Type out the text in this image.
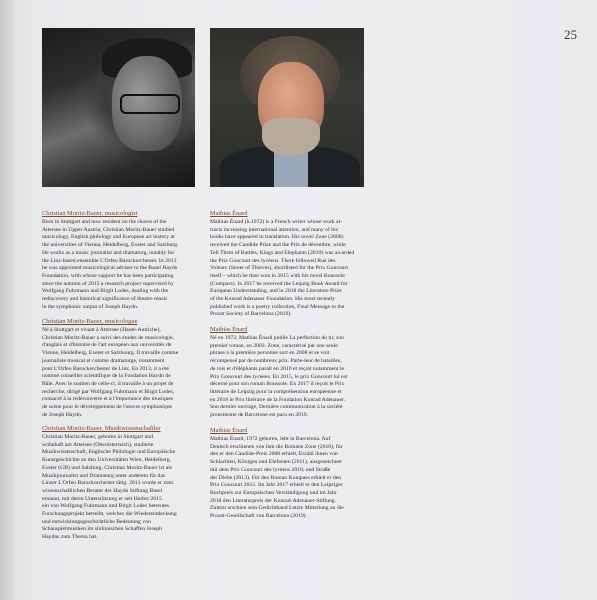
25
Christian Moritz-Bauer, musicologist
Born in Stuttgart and now resident on the shores of the
Attersee in Upper Austria, Christian Moritz-Bauer studied
musicology, English philology and European art history at
the universities of Vienna, Heidelberg, Exeter and Salzburg.
He works as a music journalist and dramaturg, notably for
the Linz-based ensemble L'Orfeo Barockorchester. In 2013
he was appointed musicological adviser to the Basel Haydn
Foundation, with whose support he has been participating
since the autumn of 2015 a research project supervised by
Wolfgang Fuhrmann and Birgit Lodes, dealing with the
rediscovery and historical significance of theatre music
in the symphonic output of Joseph Haydn.
Christian Moritz-Bauer, musicologue
Né à Stuttgart et vivant à Attersee (Haute-Autriche),
Christian Moritz-Bauer a suivi des études de musicologie,
d'anglais et d'histoire de l'art européen aux universités de
Vienne, Heidelberg, Exeter et Salzbourg. Il travaille comme
journaliste musical et comme dramaturge, notamment
pour L'Orfeo Barockorchester de Linz. En 2013, il a été
nommé conseiller scientifique de la Fondation Haydn de
Bâle. Avec le soutien de celle-ci, il travaille à un projet de
recherche, dirigé par Wolfgang Fuhrmann et Birgit Lodes,
consacré à la redécouverte et à l'importance des musiques
de scène pour le développement de l'œuvre symphonique
de Joseph Haydn.
Christian Moritz-Bauer, Musikwissenschaftler
Christian Moritz-Bauer, geboren in Stuttgart und
wohnhaft am Attersee (Oberösterreich), studierte
Musikwissenschaft, Englische Philologie und Europäische
Kunstgeschichte an den Universitäten Wien, Heidelberg,
Exeter (GB) und Salzburg. Christian Moritz-Bauer ist als
Musikjournalist und Dramaturg unter anderem für das
Linzer L'Orfeo Barockorchester tätig. 2013 wurde er zum
wissenschaftlichen Berater der Haydn Stiftung Basel
ernannt, mit deren Unterstützung er seit Herbst 2015
ein von Wolfgang Fuhrmann und Birgit Lodes betreutes
Forschungsprojekt betreibt, welches die Wiederentdeckung
und entwicklungsgeschichtliche Bedeutung von
Schauspielmusiken im sinfonischen Schaffen Joseph
Haydns zum Thema hat.
Mathias Énard
Mathias Énard (b.1972) is a French writer whose work at-
tracts increasing international attention, and many of his
books have appeared in translation. His novel Zone (2008)
received the Candide Prize and the Prix de décembre, while
Tell Them of Battles, Kings and Elephants (2010) was awarded
the Prix Goncourt des lycéens. There followed Rue des
Voleurs (Street of Thieves), shortlisted for the Prix Goncourt
itself – which he then won in 2015 with his novel Boussole
(Compass). In 2017 he received the Leipzig Book Award for
European Understanding, and in 2018 the Literature Prize
of the Konrad Adenauer Foundation. His most recently
published work is a poetry collection, Final Message to the
Proust Society of Barcelona (2019).
Mathias Énard
Né en 1972, Mathias Énard publie La perfection du tir, son
premier roman, en 2003. Zone, caractérisé par une seule
phrase à la première personne sort en 2008 et se voit
récompensé par de nombreux prix. Parle-leur de batailles,
de rois et d'éléphants paraît en 2010 et reçoit notamment le
Prix Goncourt des lycéens. En 2015, le prix Goncourt lui est
décerné pour son roman Boussole. En 2017 il reçoit le Prix
littéraire de Leipzig pour la compréhension européenne et
en 2018 le Prix littéraire de la Fondation Konrad Adenauer.
Son dernier ouvrage, Dernière communication à la société
proustienne de Barcelone est paru en 2019.
Mathias Énard
Mathias Énard, 1972 geboren, lebt in Barcelona. Auf
Deutsch erschienen von ihm die Romane Zone (2010), für
den er den Candide-Preis 2008 erhielt, Erzähl ihnen von
Schlachten, Königen und Elefanten (2011), ausgezeichnet
mit dem Prix Goncourt des lycéens 2010, und Straße
der Diebe (2013). Für den Roman Kompass erhielt er den
Prix Goncourt 2015. Im Jahr 2017 erhielt er den Leipziger
Buchpreis zur Europäischen Verständigung und im Jahr
2018 den Literaturpreis der Konrad-Adenauer-Stiftung.
Zuletzt erschien sein Gedichtband Letzte Mitteilung an die
Proust-Gesellschaft von Barcelona (2019).
